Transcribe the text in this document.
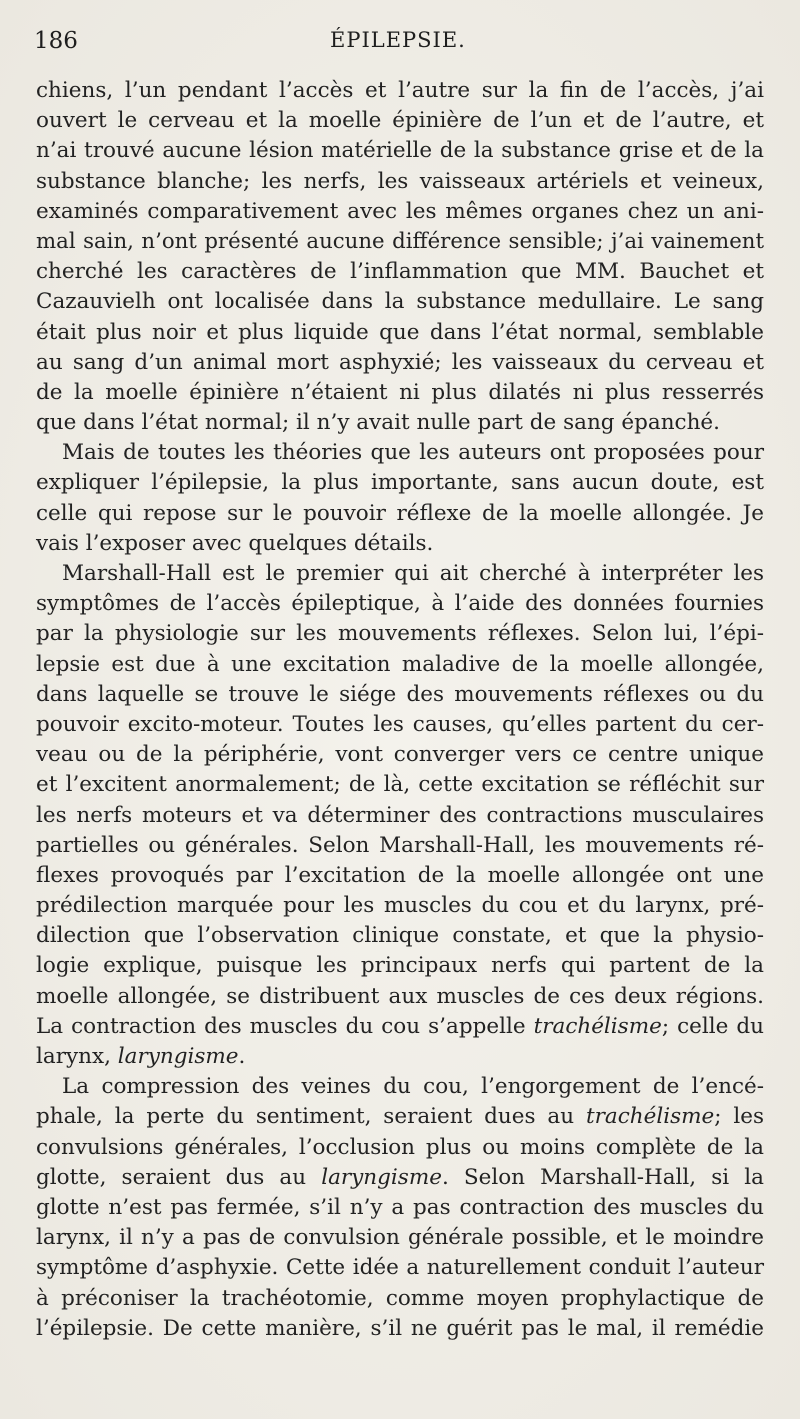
186	ÉPILEPSIE.
chiens, l’un pendant l’accès et l’autre sur la fin de l’accès, j’ai
ouvert le cerveau et la moelle épinière de l’un et de l’autre, et
n’ai trouvé aucune lésion matérielle de la substance grise et de la
substance blanche; les nerfs, les vaisseaux artériels et veineux,
examinés comparativement avec les mêmes organes chez un ani-
mal sain, n’ont présenté aucune différence sensible; j’ai vainement
cherché les caractères de l’inflammation que MM. Bauchet et
Cazauvielh ont localisée dans la substance medullaire. Le sang
était plus noir et plus liquide que dans l’état normal, semblable
au sang d’un animal mort asphyxié; les vaisseaux du cerveau et
de la moelle épinière n’étaient ni plus dilatés ni plus resserrés
que dans l’état normal; il n’y avait nulle part de sang épanché.
Mais de toutes les théories que les auteurs ont proposées pour
expliquer l’épilepsie, la plus importante, sans aucun doute, est
celle qui repose sur le pouvoir réflexe de la moelle allongée. Je
vais l’exposer avec quelques détails.
Marshall-Hall est le premier qui ait cherché à interpréter les
symptômes de l’accès épileptique, à l’aide des données fournies
par la physiologie sur les mouvements réflexes. Selon lui, l’épi-
lepsie est due à une excitation maladive de la moelle allongée,
dans laquelle se trouve le siége des mouvements réflexes ou du
pouvoir excito-moteur. Toutes les causes, qu’elles partent du cer-
veau ou de la périphérie, vont converger vers ce centre unique
et l’excitent anormalement; de là, cette excitation se réfléchit sur
les nerfs moteurs et va déterminer des contractions musculaires
partielles ou générales. Selon Marshall-Hall, les mouvements ré-
flexes provoqués par l’excitation de la moelle allongée ont une
prédilection marquée pour les muscles du cou et du larynx, pré-
dilection que l’observation clinique constate, et que la physio-
logie explique, puisque les principaux nerfs qui partent de la
moelle allongée, se distribuent aux muscles de ces deux régions.
La contraction des muscles du cou s’appelle trachélisme; celle du
larynx, laryngisme.
La compression des veines du cou, l’engorgement de l’encé-
phale, la perte du sentiment, seraient dues au trachélisme; les
convulsions générales, l’occlusion plus ou moins complète de la
glotte, seraient dus au laryngisme. Selon Marshall-Hall, si la
glotte n’est pas fermée, s’il n’y a pas contraction des muscles du
larynx, il n’y a pas de convulsion générale possible, et le moindre
symptôme d’asphyxie. Cette idée a naturellement conduit l’auteur
à préconiser la trachéotomie, comme moyen prophylactique de
l’épilepsie. De cette manière, s’il ne guérit pas le mal, il remédie
